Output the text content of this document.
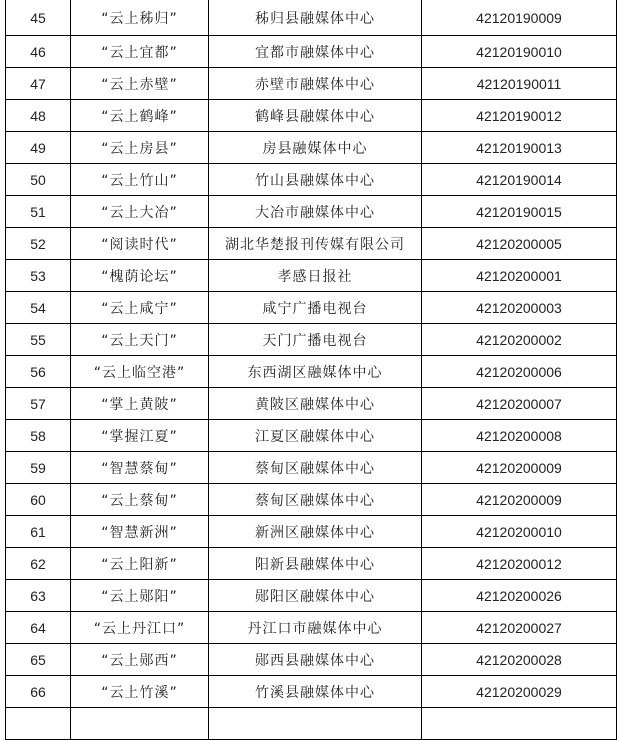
45	“云上秭归”	秭归县融媒体中心	42120190009
46	“云上宜都”	宜都市融媒体中心	42120190010
47	“云上赤壁”	赤壁市融媒体中心	42120190011
48	“云上鹤峰”	鹤峰县融媒体中心	42120190012
49	“云上房县”	房县融媒体中心	42120190013
50	“云上竹山”	竹山县融媒体中心	42120190014
51	“云上大冶”	大冶市融媒体中心	42120190015
52	“阅读时代”	湖北华楚报刊传媒有限公司	42120200005
53	“槐荫论坛”	孝感日报社	42120200001
54	“云上咸宁”	咸宁广播电视台	42120200003
55	“云上天门”	天门广播电视台	42120200002
56	“云上临空港”	东西湖区融媒体中心	42120200006
57	“掌上黄陂”	黄陂区融媒体中心	42120200007
58	“掌握江夏”	江夏区融媒体中心	42120200008
59	“智慧蔡甸”	蔡甸区融媒体中心	42120200009
60	“云上蔡甸”	蔡甸区融媒体中心	42120200009
61	“智慧新洲”	新洲区融媒体中心	42120200010
62	“云上阳新”	阳新县融媒体中心	42120200012
63	“云上郧阳”	郧阳区融媒体中心	42120200026
64	“云上丹江口”	丹江口市融媒体中心	42120200027
65	“云上郧西”	郧西县融媒体中心	42120200028
66	“云上竹溪”	竹溪县融媒体中心	42120200029
